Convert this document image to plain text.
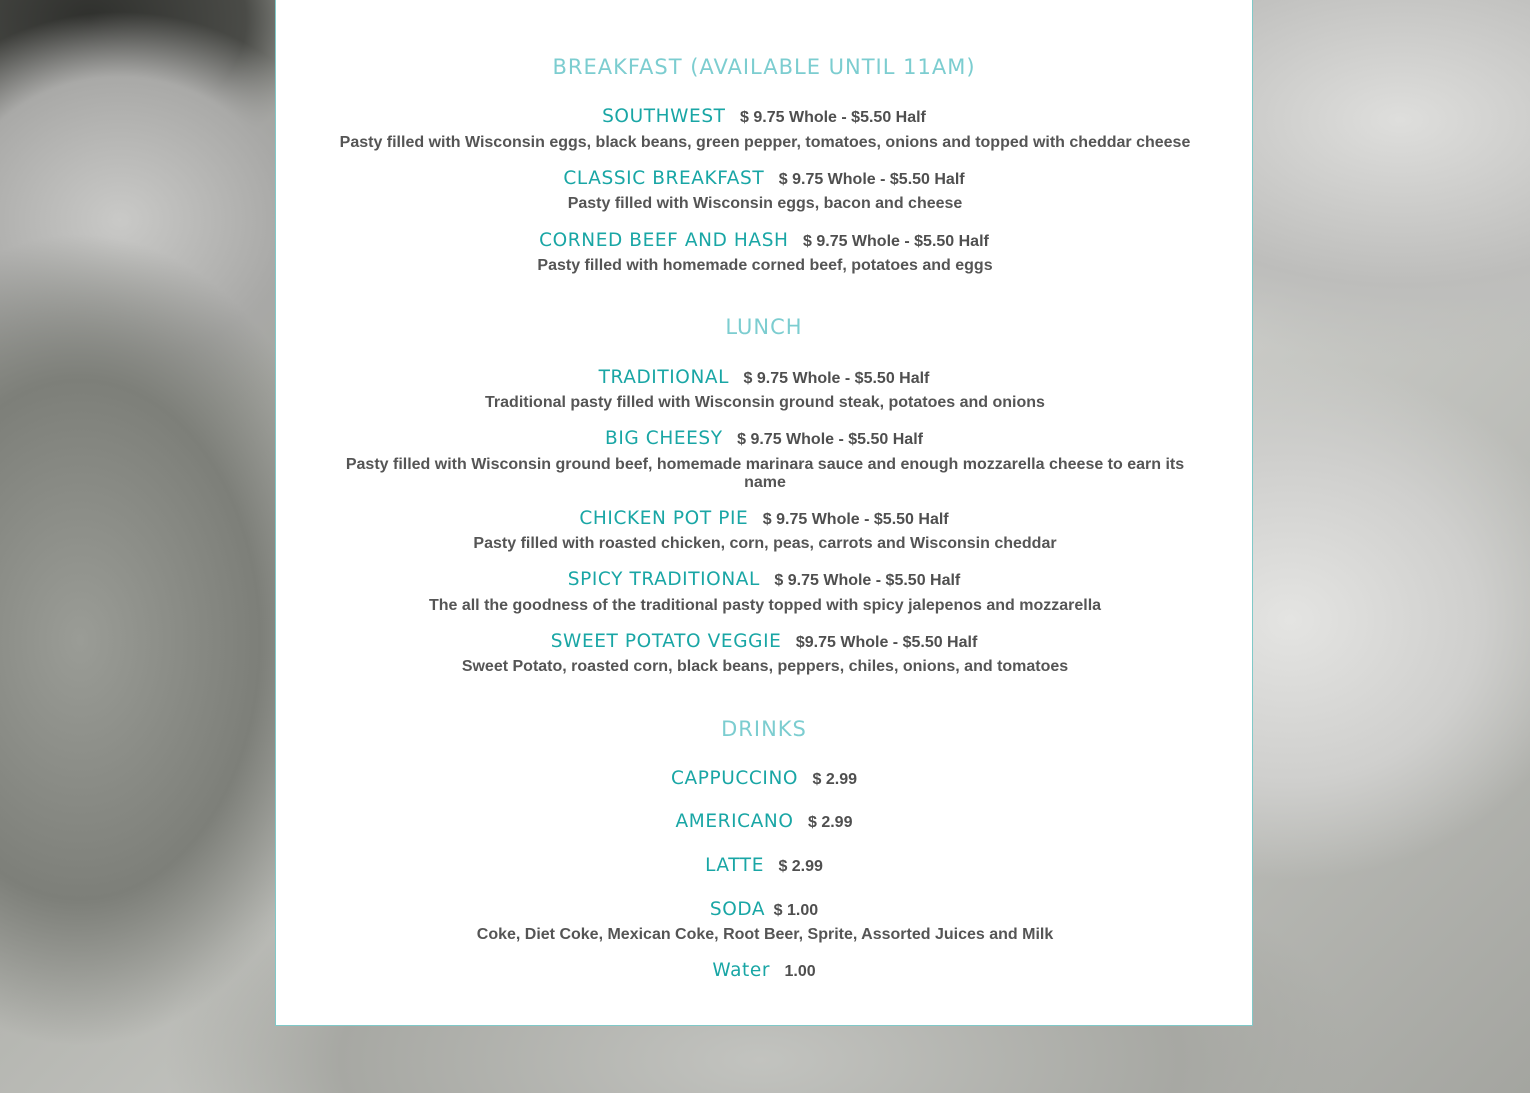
BREAKFAST (AVAILABLE UNTIL 11AM)
SOUTHWEST $ 9.75 Whole - $5.50 Half
Pasty filled with Wisconsin eggs, black beans, green pepper, tomatoes, onions and topped with cheddar cheese
CLASSIC BREAKFAST $ 9.75 Whole - $5.50 Half
Pasty filled with Wisconsin eggs, bacon and cheese
CORNED BEEF AND HASH $ 9.75 Whole - $5.50 Half
Pasty filled with homemade corned beef, potatoes and eggs
LUNCH
TRADITIONAL $ 9.75 Whole - $5.50 Half
Traditional pasty filled with Wisconsin ground steak, potatoes and onions
BIG CHEESY $ 9.75 Whole - $5.50 Half
Pasty filled with Wisconsin ground beef, homemade marinara sauce and enough mozzarella cheese to earn its name
CHICKEN POT PIE $ 9.75 Whole - $5.50 Half
Pasty filled with roasted chicken, corn, peas, carrots and Wisconsin cheddar
SPICY TRADITIONAL $ 9.75 Whole - $5.50 Half
The all the goodness of the traditional pasty topped with spicy jalepenos and mozzarella
SWEET POTATO VEGGIE $9.75 Whole - $5.50 Half
Sweet Potato, roasted corn, black beans, peppers, chiles, onions, and tomatoes
DRINKS
CAPPUCCINO $ 2.99
AMERICANO $ 2.99
LATTE $ 2.99
SODA $ 1.00
Coke, Diet Coke, Mexican Coke, Root Beer, Sprite, Assorted Juices and Milk
Water 1.00
